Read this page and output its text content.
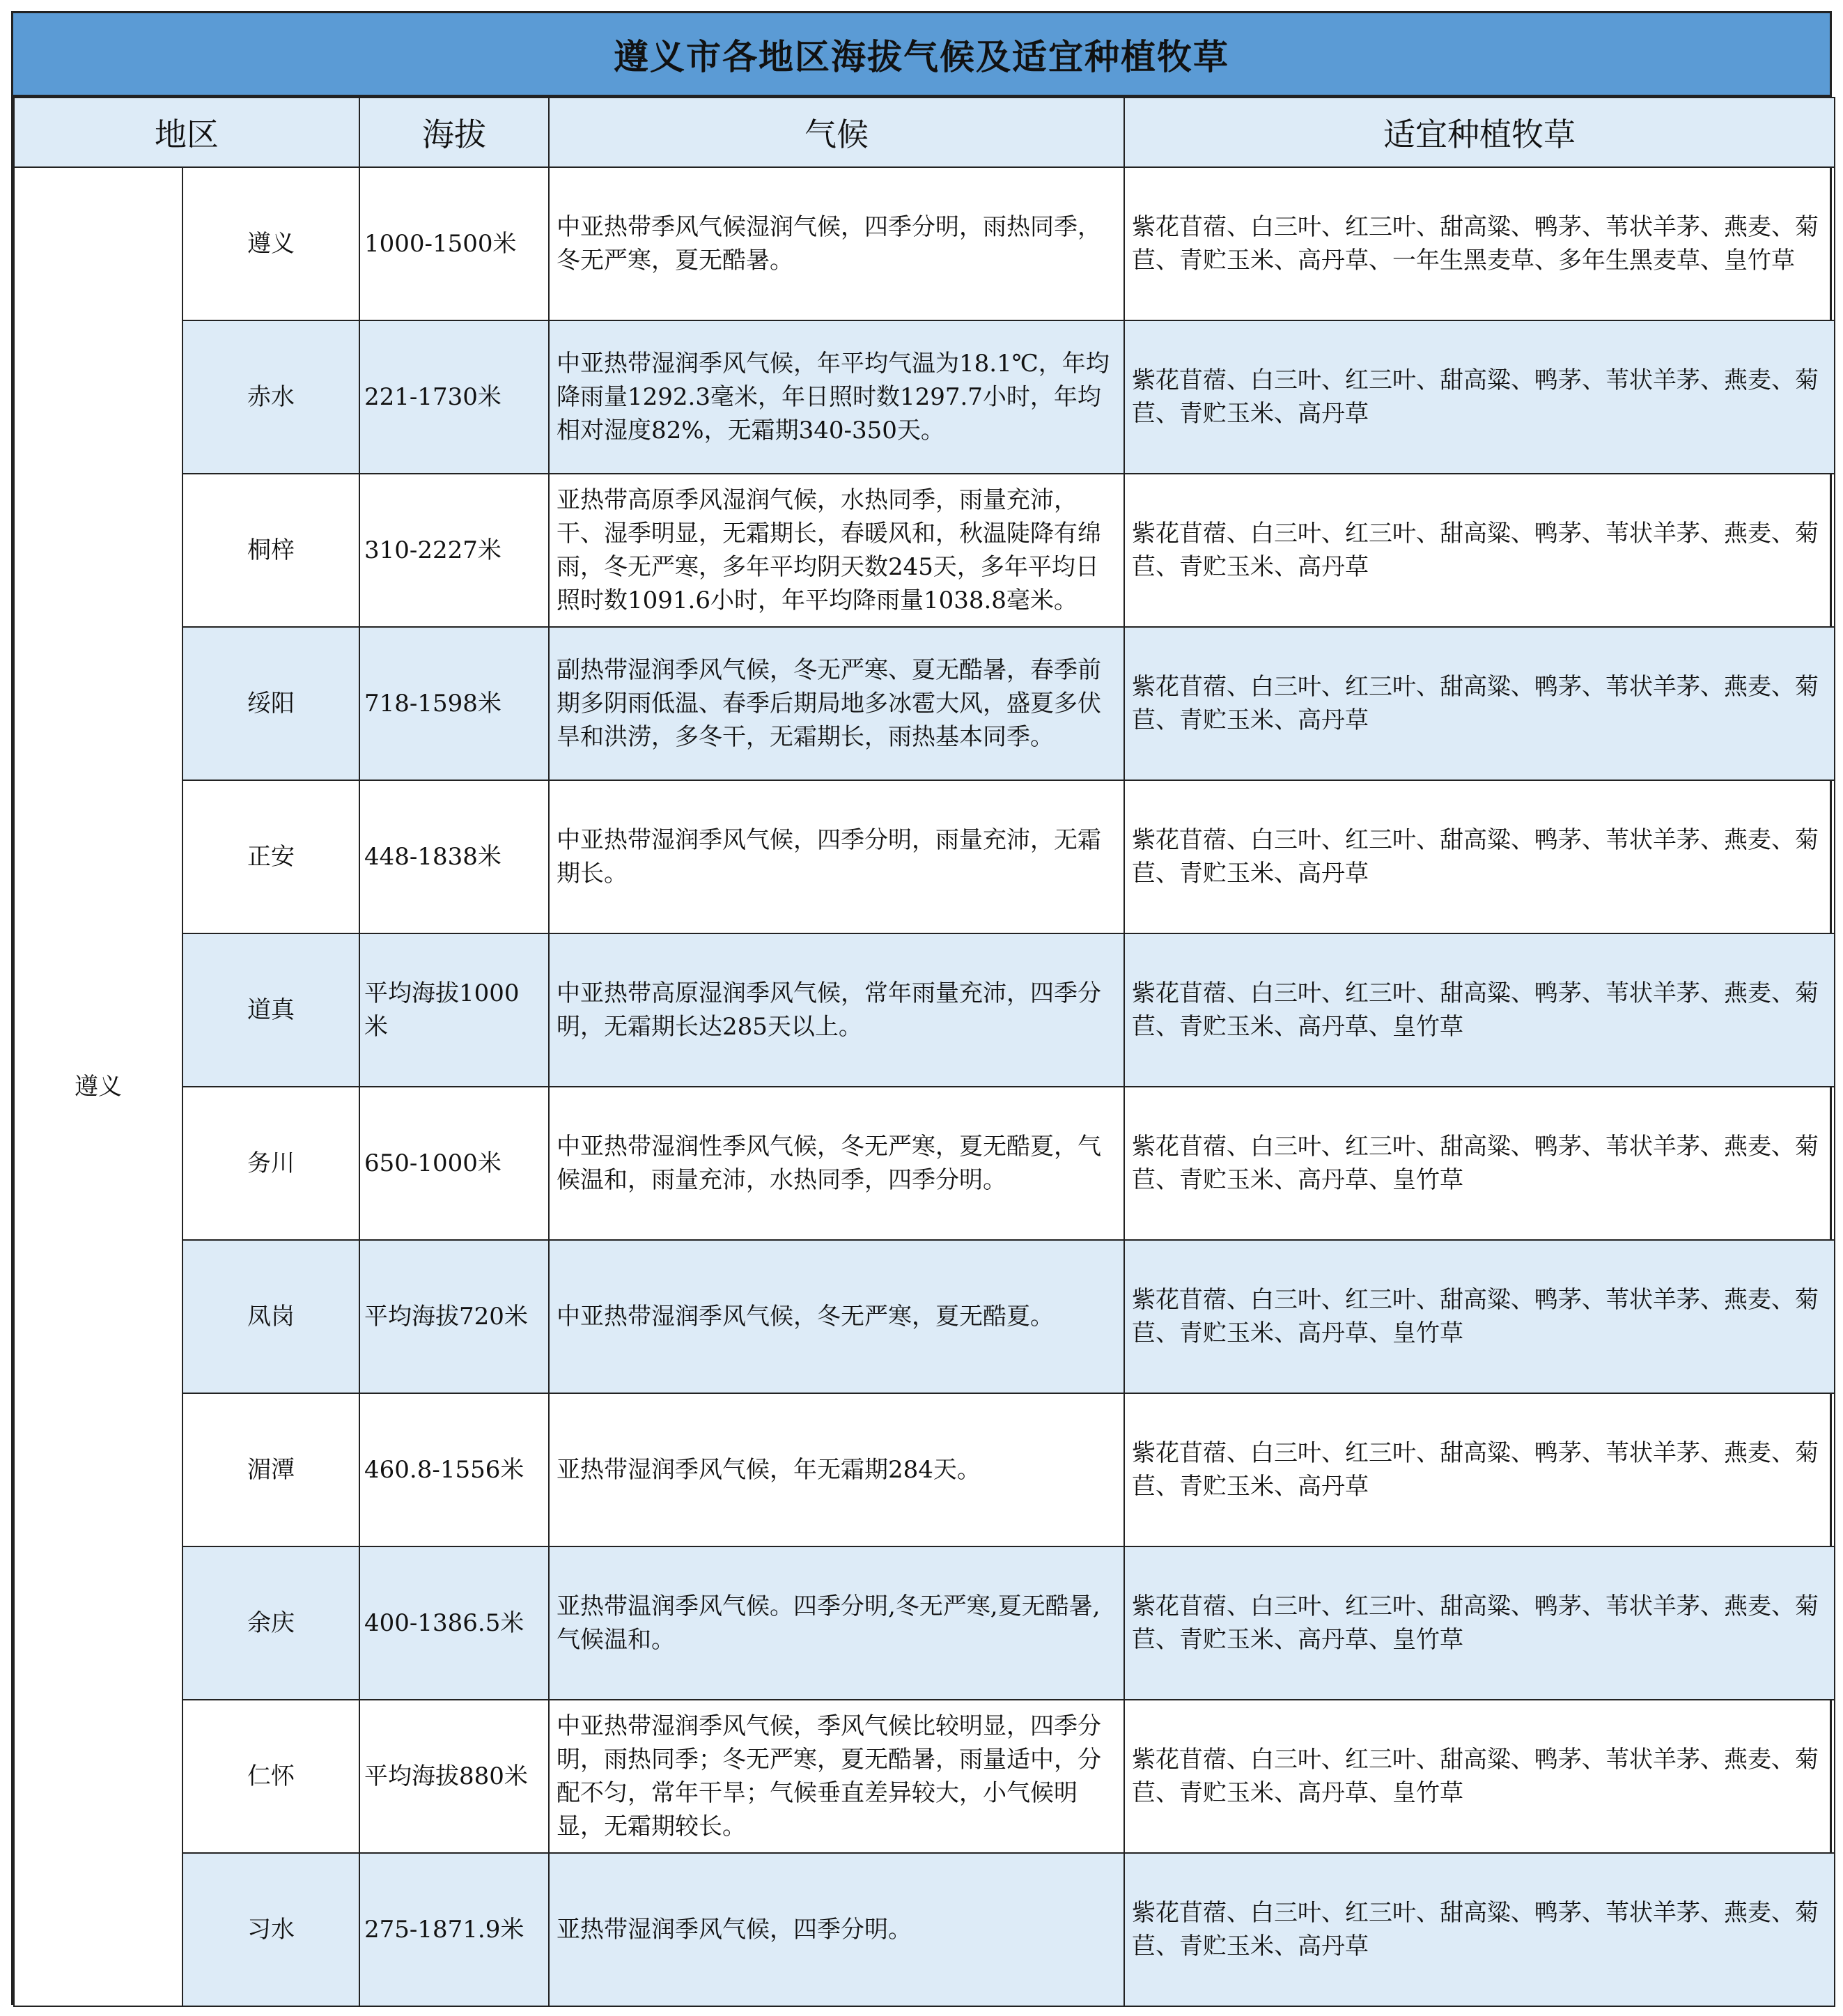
遵义市各地区海拔气候及适宜种植牧草
地区		海拔	气候	适宜种植牧草
遵义	遵义	1000-1500米	中亚热带季风气候湿润气候，四季分明，雨热同季，冬无严寒，夏无酷暑。	紫花苜蓿、白三叶、红三叶、甜高粱、鸭茅、苇状羊茅、燕麦、菊苣、青贮玉米、高丹草、一年生黑麦草、多年生黑麦草、皇竹草
	赤水	221-1730米	中亚热带湿润季风气候，年平均气温为18.1℃，年均降雨量1292.3毫米，年日照时数1297.7小时，年均相对湿度82%，无霜期340-350天。	紫花苜蓿、白三叶、红三叶、甜高粱、鸭茅、苇状羊茅、燕麦、菊苣、青贮玉米、高丹草
	桐梓	310-2227米	亚热带高原季风湿润气候，水热同季，雨量充沛，干、湿季明显，无霜期长，春暖风和，秋温陡降有绵雨，冬无严寒，多年平均阴天数245天，多年平均日照时数1091.6小时，年平均降雨量1038.8毫米。	紫花苜蓿、白三叶、红三叶、甜高粱、鸭茅、苇状羊茅、燕麦、菊苣、青贮玉米、高丹草
	绥阳	718-1598米	副热带湿润季风气候，冬无严寒、夏无酷暑，春季前期多阴雨低温、春季后期局地多冰雹大风，盛夏多伏旱和洪涝，多冬干，无霜期长，雨热基本同季。	紫花苜蓿、白三叶、红三叶、甜高粱、鸭茅、苇状羊茅、燕麦、菊苣、青贮玉米、高丹草
	正安	448-1838米	中亚热带湿润季风气候，四季分明，雨量充沛，无霜期长。	紫花苜蓿、白三叶、红三叶、甜高粱、鸭茅、苇状羊茅、燕麦、菊苣、青贮玉米、高丹草
	道真	平均海拔1000米	中亚热带高原湿润季风气候，常年雨量充沛，四季分明，无霜期长达285天以上。	紫花苜蓿、白三叶、红三叶、甜高粱、鸭茅、苇状羊茅、燕麦、菊苣、青贮玉米、高丹草、皇竹草
	务川	650-1000米	中亚热带湿润性季风气候，冬无严寒，夏无酷夏，气候温和，雨量充沛，水热同季，四季分明。	紫花苜蓿、白三叶、红三叶、甜高粱、鸭茅、苇状羊茅、燕麦、菊苣、青贮玉米、高丹草、皇竹草
	凤岗	平均海拔720米	中亚热带湿润季风气候，冬无严寒，夏无酷夏。	紫花苜蓿、白三叶、红三叶、甜高粱、鸭茅、苇状羊茅、燕麦、菊苣、青贮玉米、高丹草、皇竹草
	湄潭	460.8-1556米	亚热带湿润季风气候，年无霜期284天。	紫花苜蓿、白三叶、红三叶、甜高粱、鸭茅、苇状羊茅、燕麦、菊苣、青贮玉米、高丹草
	余庆	400-1386.5米	亚热带温润季风气候。四季分明,冬无严寒,夏无酷暑,气候温和。	紫花苜蓿、白三叶、红三叶、甜高粱、鸭茅、苇状羊茅、燕麦、菊苣、青贮玉米、高丹草、皇竹草
	仁怀	平均海拔880米	中亚热带湿润季风气候，季风气候比较明显，四季分明，雨热同季；冬无严寒，夏无酷暑，雨量适中，分配不匀，常年干旱；气候垂直差异较大，小气候明显，无霜期较长。	紫花苜蓿、白三叶、红三叶、甜高粱、鸭茅、苇状羊茅、燕麦、菊苣、青贮玉米、高丹草、皇竹草
	习水	275-1871.9米	亚热带湿润季风气候，四季分明。	紫花苜蓿、白三叶、红三叶、甜高粱、鸭茅、苇状羊茅、燕麦、菊苣、青贮玉米、高丹草
